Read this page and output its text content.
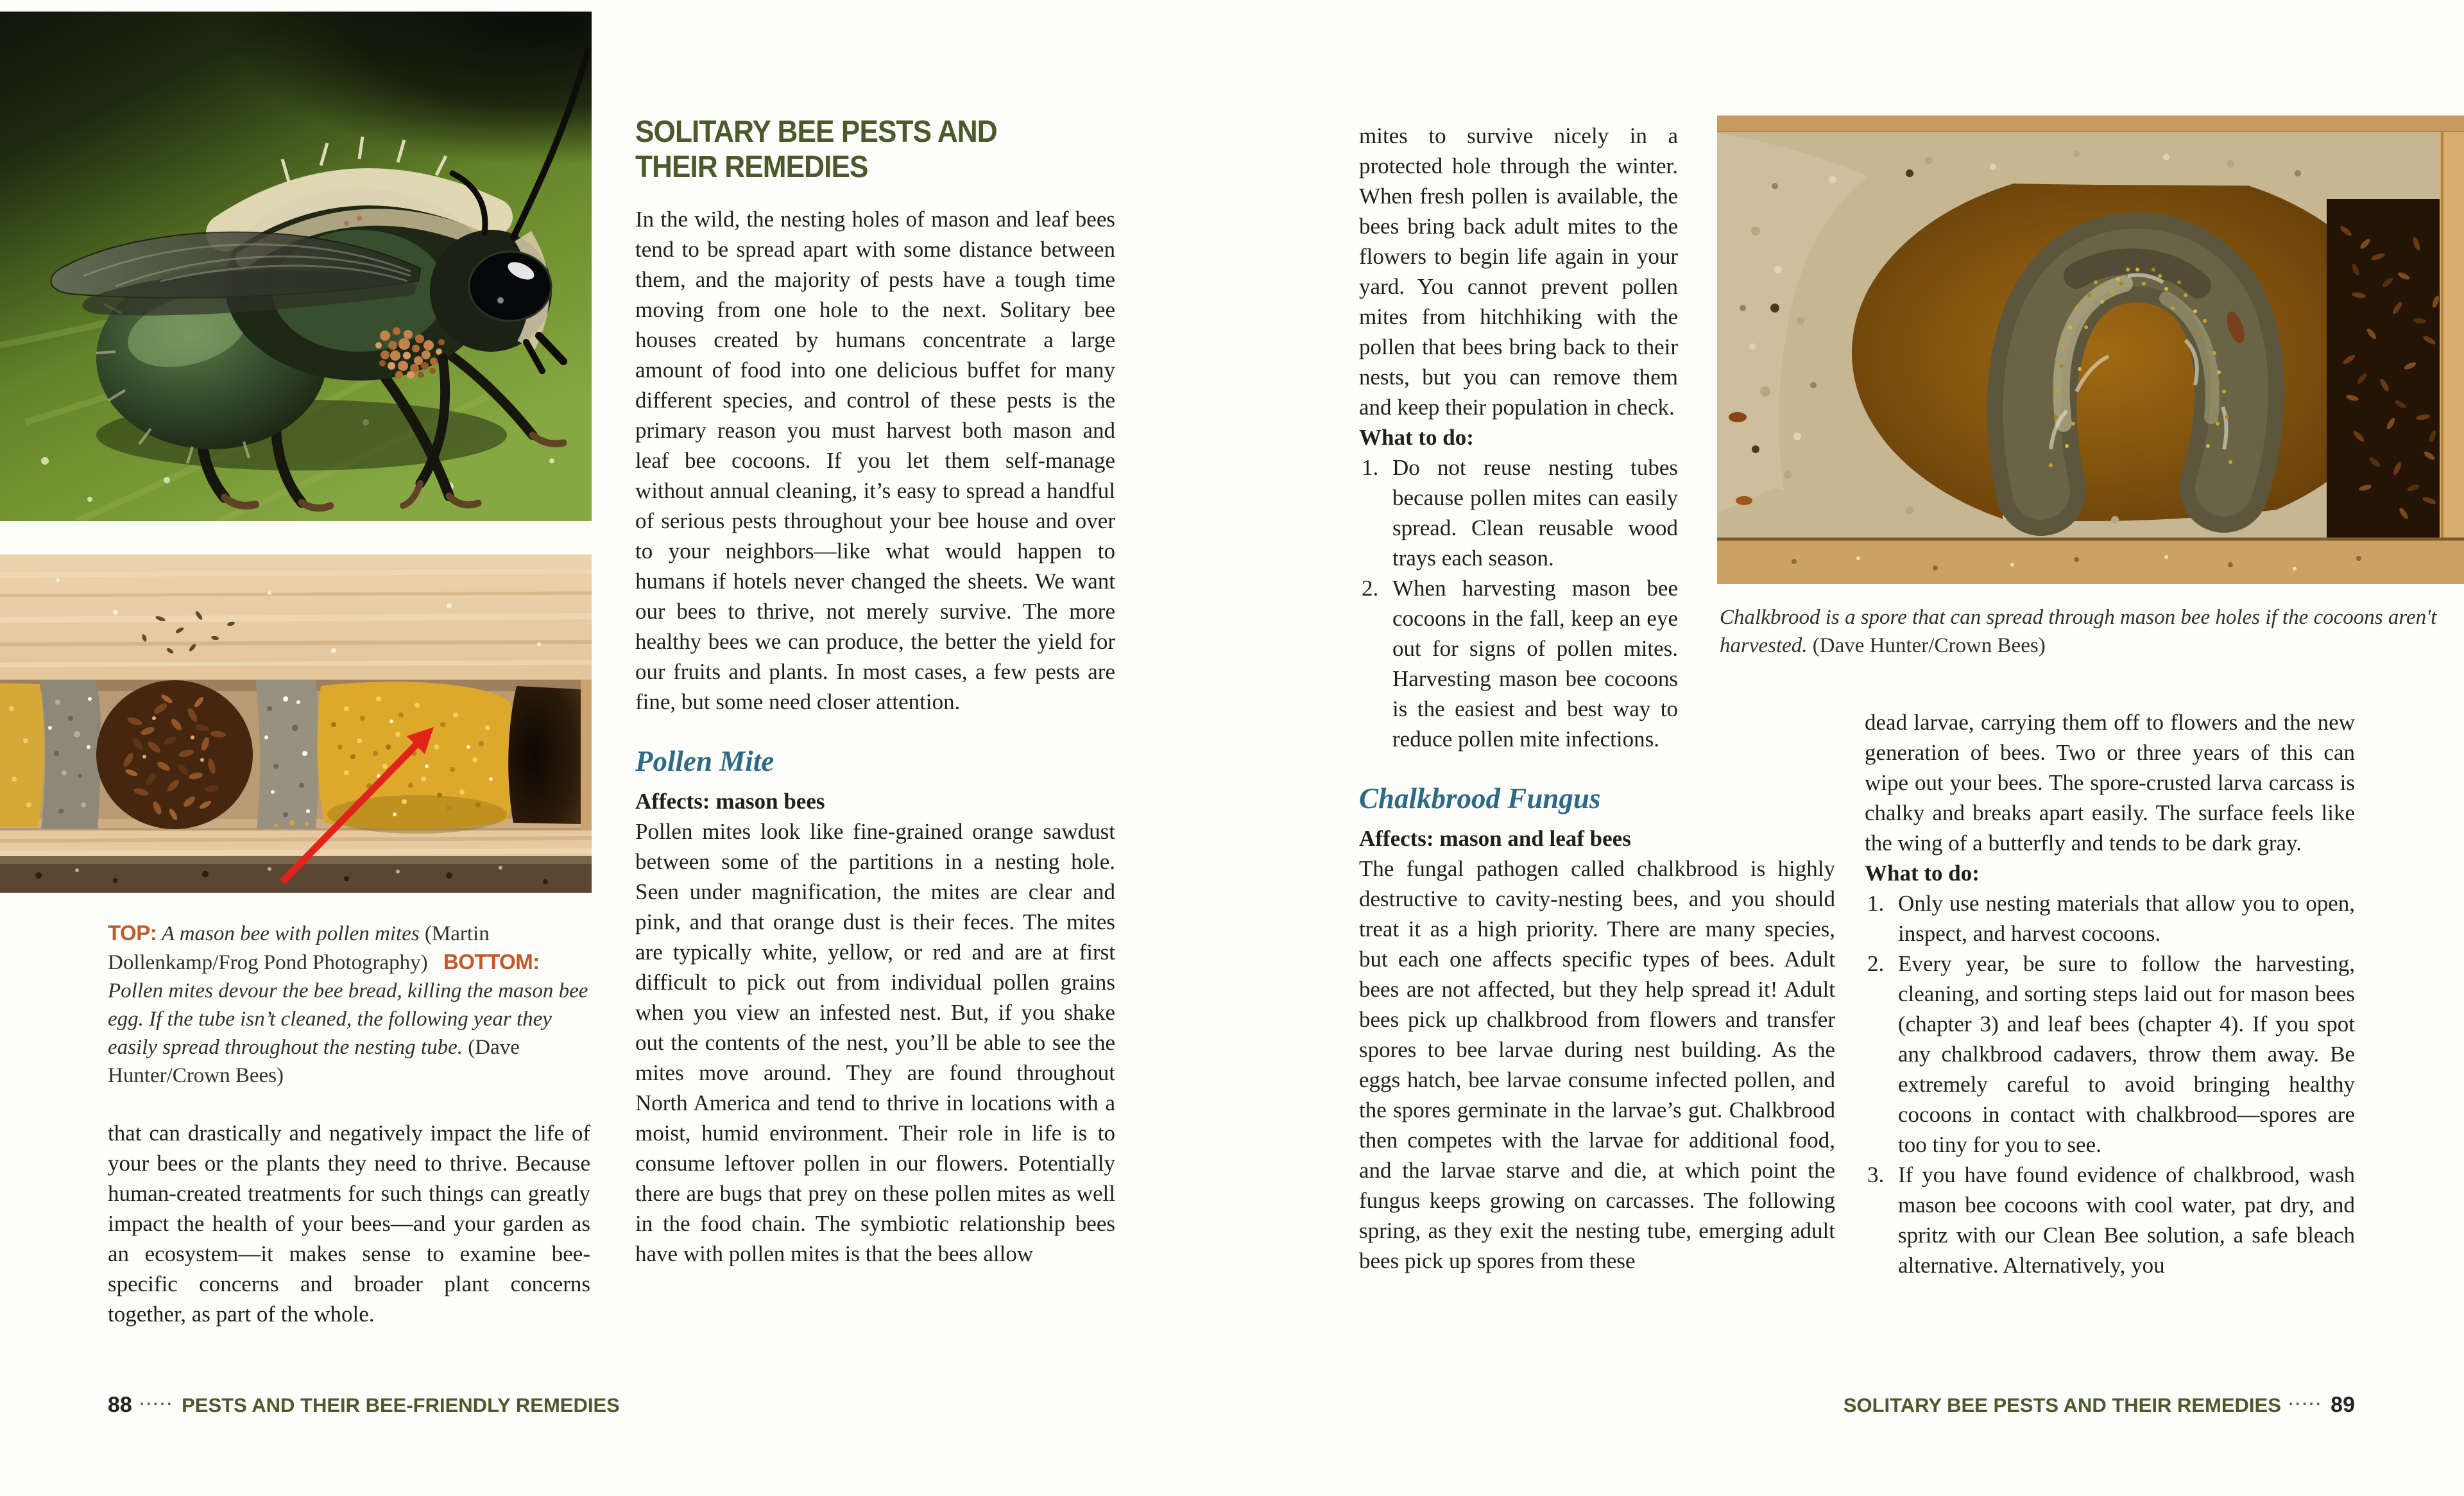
TOP: A mason bee with pollen mites (Martin Dollenkamp/Frog Pond Photography) BOTTOM: Pollen mites devour the bee bread, killing the mason bee egg. If the tube isn’t cleaned, the following year they easily spread throughout the nesting tube. (Dave Hunter/Crown Bees)

that can drastically and negatively impact the life of your bees or the plants they need to thrive. Because human-created treatments for such things can greatly impact the health of your bees—and your garden as an ecosystem—it makes sense to examine bee-specific concerns and broader plant concerns together, as part of the whole.

88 ····· PESTS AND THEIR BEE-FRIENDLY REMEDIES
SOLITARY BEE PESTS AND
THEIR REMEDIES

In the wild, the nesting holes of mason and leaf bees tend to be spread apart with some distance between them, and the majority of pests have a tough time moving from one hole to the next. Solitary bee houses created by humans concentrate a large amount of food into one delicious buffet for many different species, and control of these pests is the primary reason you must harvest both mason and leaf bee cocoons. If you let them self-manage without annual cleaning, it’s easy to spread a handful of serious pests throughout your bee house and over to your neighbors—like what would happen to humans if hotels never changed the sheets. We want our bees to thrive, not merely survive. The more healthy bees we can produce, the better the yield for our fruits and plants. In most cases, a few pests are fine, but some need closer attention.

Pollen Mite

Affects: mason bees

Pollen mites look like fine-grained orange sawdust between some of the partitions in a nesting hole. Seen under magnification, the mites are clear and pink, and that orange dust is their feces. The mites are typically white, yellow, or red and are at first difficult to pick out from individual pollen grains when you view an infested nest. But, if you shake out the contents of the nest, you’ll be able to see the mites move around. They are found throughout North America and tend to thrive in locations with a moist, humid environment. Their role in life is to consume leftover pollen in our flowers. Potentially there are bugs that prey on these pollen mites as well in the food chain. The symbiotic relationship bees have with pollen mites is that the bees allow

Chalkbrood is a spore that can spread through mason bee holes if the cocoons aren't harvested. (Dave Hunter/Crown Bees)

mites to survive nicely in a protected hole through the winter. When fresh pollen is available, the bees bring back adult mites to the flowers to begin life again in your yard. You cannot prevent pollen mites from hitchhiking with the pollen that bees bring back to their nests, but you can remove them and keep their population in check.

What to do:

1. Do not reuse nesting tubes because pollen mites can easily spread. Clean reusable wood trays each season.
2. When harvesting mason bee cocoons in the fall, keep an eye out for signs of pollen mites. Harvesting mason bee cocoons is the easiest and best way to reduce pollen mite infections.
Chalkbrood Fungus

Affects: mason and leaf bees

The fungal pathogen called chalkbrood is highly destructive to cavity-nesting bees, and you should treat it as a high priority. There are many species, but each one affects specific types of bees. Adult bees are not affected, but they help spread it! Adult bees pick up chalkbrood from flowers and transfer spores to bee larvae during nest building. As the eggs hatch, bee larvae consume infected pollen, and the spores germinate in the larvae’s gut. Chalkbrood then competes with the larvae for additional food, and the larvae starve and die, at which point the fungus keeps growing on carcasses. The following spring, as they exit the nesting tube, emerging adult bees pick up spores from these

dead larvae, carrying them off to flowers and the new generation of bees. Two or three years of this can wipe out your bees. The spore-crusted larva carcass is chalky and breaks apart easily. The surface feels like the wing of a butterfly and tends to be dark gray.

What to do:

1. Only use nesting materials that allow you to open, inspect, and harvest cocoons.
2. Every year, be sure to follow the harvesting, cleaning, and sorting steps laid out for mason bees (chapter 3) and leaf bees (chapter 4). If you spot any chalkbrood cadavers, throw them away. Be extremely careful to avoid bringing healthy cocoons in contact with chalkbrood—spores are too tiny for you to see.
3. If you have found evidence of chalkbrood, wash mason bee cocoons with cool water, pat dry, and spritz with our Clean Bee solution, a safe bleach alternative. Alternatively, you
SOLITARY BEE PESTS AND THEIR REMEDIES ····· 89
